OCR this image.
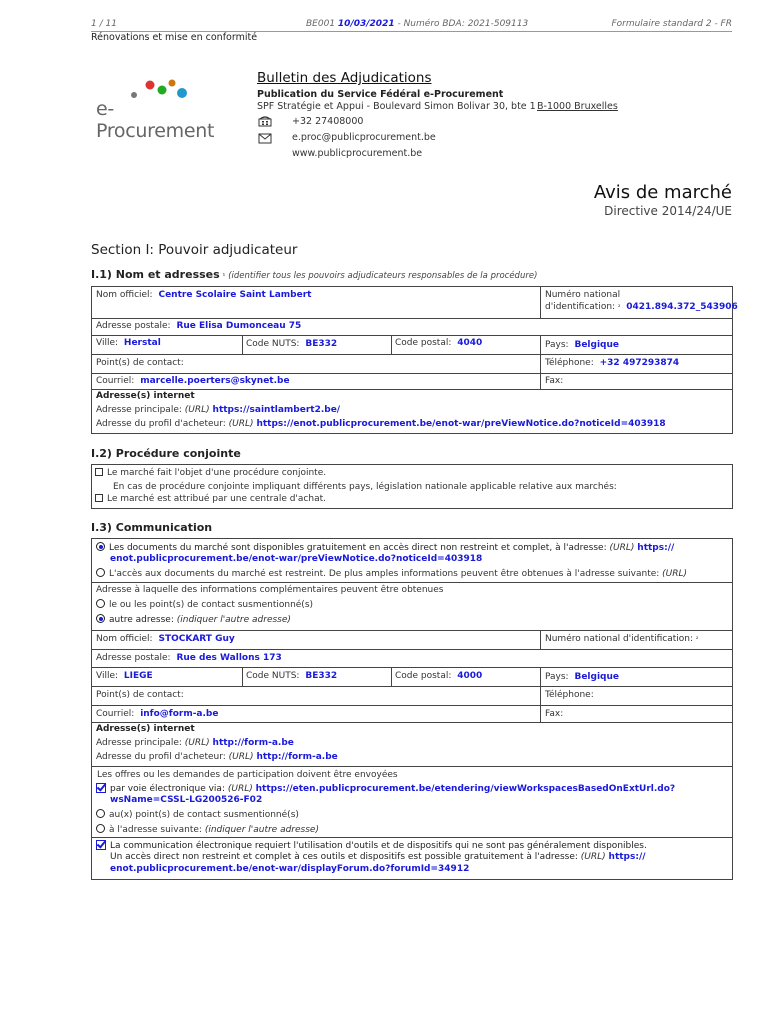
1 / 11	BE001 10/03/2021 - Numéro BDA: 2021-509113	Formulaire standard 2 - FR
Rénovations et mise en conformité
e-Procurement
Bulletin des Adjudications
Publication du Service Fédéral e-Procurement
SPF Stratégie et Appui - Boulevard Simon Bolivar 30, bte 1 B-1000 Bruxelles
+32 27408000
e.proc@publicprocurement.be
www.publicprocurement.be
Avis de marché
Directive 2014/24/UE
Section I: Pouvoir adjudicateur
I.1) Nom et adresses ¹ (identifier tous les pouvoirs adjudicateurs responsables de la procédure)
Nom officiel: Centre Scolaire Saint Lambert	Numéro national
d'identification: ² 0421.894.372_543906
Adresse postale: Rue Elisa Dumonceau 75
Ville: Herstal	Code NUTS: BE332	Code postal: 4040	Pays: Belgique
Point(s) de contact:	Téléphone: +32 497293874
Courriel: marcelle.poerters@skynet.be	Fax:
Adresse(s) internet
Adresse principale: (URL) https://saintlambert2.be/
Adresse du profil d'acheteur: (URL) https://enot.publicprocurement.be/enot-war/preViewNotice.do?noticeId=403918
I.2) Procédure conjointe
Le marché fait l'objet d'une procédure conjointe.
En cas de procédure conjointe impliquant différents pays, législation nationale applicable relative aux marchés:
Le marché est attribué par une centrale d'achat.
I.3) Communication
Les documents du marché sont disponibles gratuitement en accès direct non restreint et complet, à l'adresse: (URL) https://
enot.publicprocurement.be/enot-war/preViewNotice.do?noticeId=403918
L'accès aux documents du marché est restreint. De plus amples informations peuvent être obtenues à l'adresse suivante: (URL)
Adresse à laquelle des informations complémentaires peuvent être obtenues
le ou les point(s) de contact susmentionné(s)
autre adresse: (indiquer l'autre adresse)
Nom officiel: STOCKART Guy	Numéro national d'identification: ²
Adresse postale: Rue des Wallons 173
Ville: LIEGE	Code NUTS: BE332	Code postal: 4000	Pays: Belgique
Point(s) de contact:	Téléphone:
Courriel: info@form-a.be	Fax:
Adresse(s) internet
Adresse principale: (URL) http://form-a.be
Adresse du profil d'acheteur: (URL) http://form-a.be
Les offres ou les demandes de participation doivent être envoyées
par voie électronique via: (URL) https://eten.publicprocurement.be/etendering/viewWorkspacesBasedOnExtUrl.do?
wsName=CSSL-LG200526-F02
au(x) point(s) de contact susmentionné(s)
à l'adresse suivante: (indiquer l'autre adresse)
La communication électronique requiert l'utilisation d'outils et de dispositifs qui ne sont pas généralement disponibles.
Un accès direct non restreint et complet à ces outils et dispositifs est possible gratuitement à l'adresse: (URL) https://
enot.publicprocurement.be/enot-war/displayForum.do?forumId=34912
